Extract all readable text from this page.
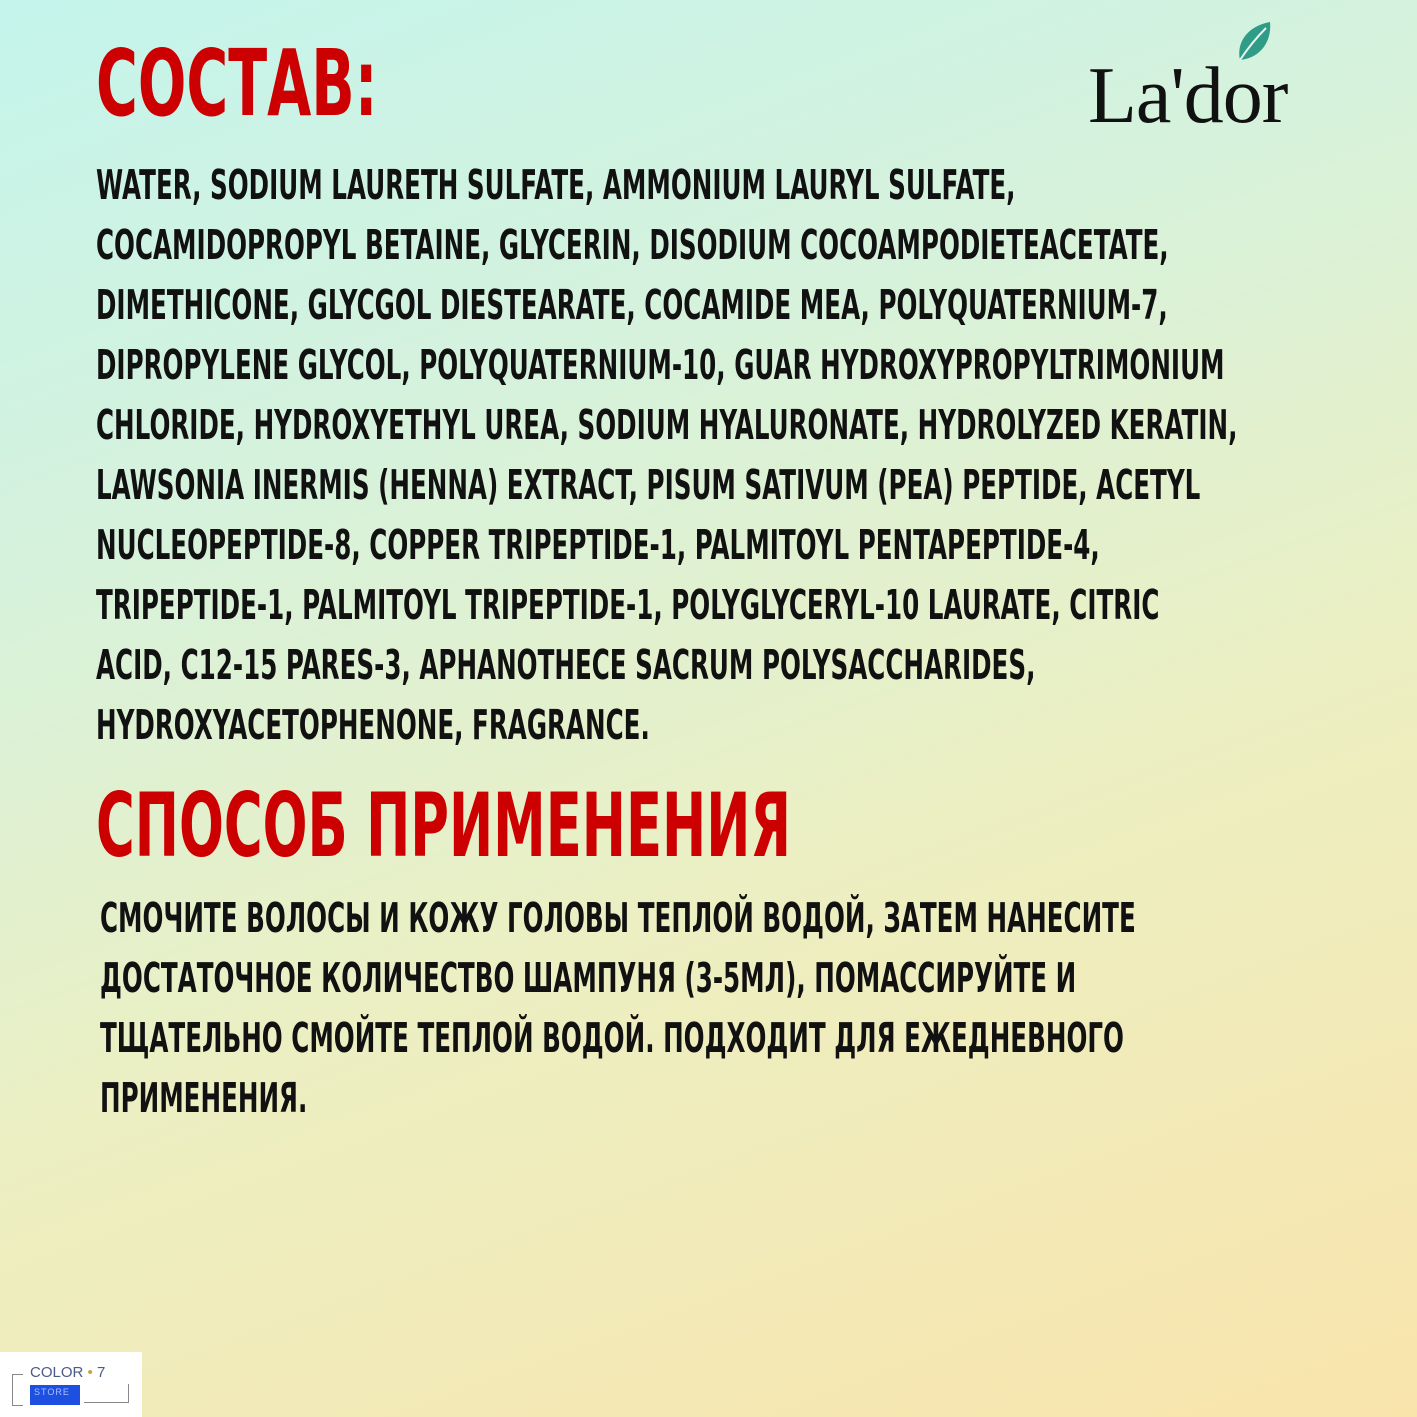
СОСТАВ:	La'dor

WATER, SODIUM LAURETH SULFATE, AMMONIUM LAURYL SULFATE,
COCAMIDOPROPYL BETAINE, GLYCERIN, DISODIUM COCOAMPODIETEACETATE,
DIMETHICONE, GLYCGOL DIESTEARATE, COCAMIDE MEA, POLYQUATERNIUM-7,
DIPROPYLENE GLYCOL, POLYQUATERNIUM-10, GUAR HYDROXYPROPYLTRIMONIUM
CHLORIDE, HYDROXYETHYL UREA, SODIUM HYALURONATE, HYDROLYZED KERATIN,
LAWSONIA INERMIS (HENNA) EXTRACT, PISUM SATIVUM (PEA) PEPTIDE, ACETYL
NUCLEOPEPTIDE-8, COPPER TRIPEPTIDE-1, PALMITOYL PENTAPEPTIDE-4,
TRIPEPTIDE-1, PALMITOYL TRIPEPTIDE-1, POLYGLYCERYL-10 LAURATE, CITRIC
ACID, C12-15 PARES-3, APHANOTHECE SACRUM POLYSACCHARIDES,
HYDROXYACETOPHENONE, FRAGRANCE.

СПОСОБ ПРИМЕНЕНИЯ

СМОЧИТЕ ВОЛОСЫ И КОЖУ ГОЛОВЫ ТЕПЛОЙ ВОДОЙ, ЗАТЕМ НАНЕСИТЕ
ДОСТАТОЧНОЕ КОЛИЧЕСТВО ШАМПУНЯ (3-5МЛ), ПОМАССИРУЙТЕ И
ТЩАТЕЛЬНО СМОЙТЕ ТЕПЛОЙ ВОДОЙ. ПОДХОДИТ ДЛЯ ЕЖЕДНЕВНОГО
ПРИМЕНЕНИЯ.

COLOR • 7
STORE
